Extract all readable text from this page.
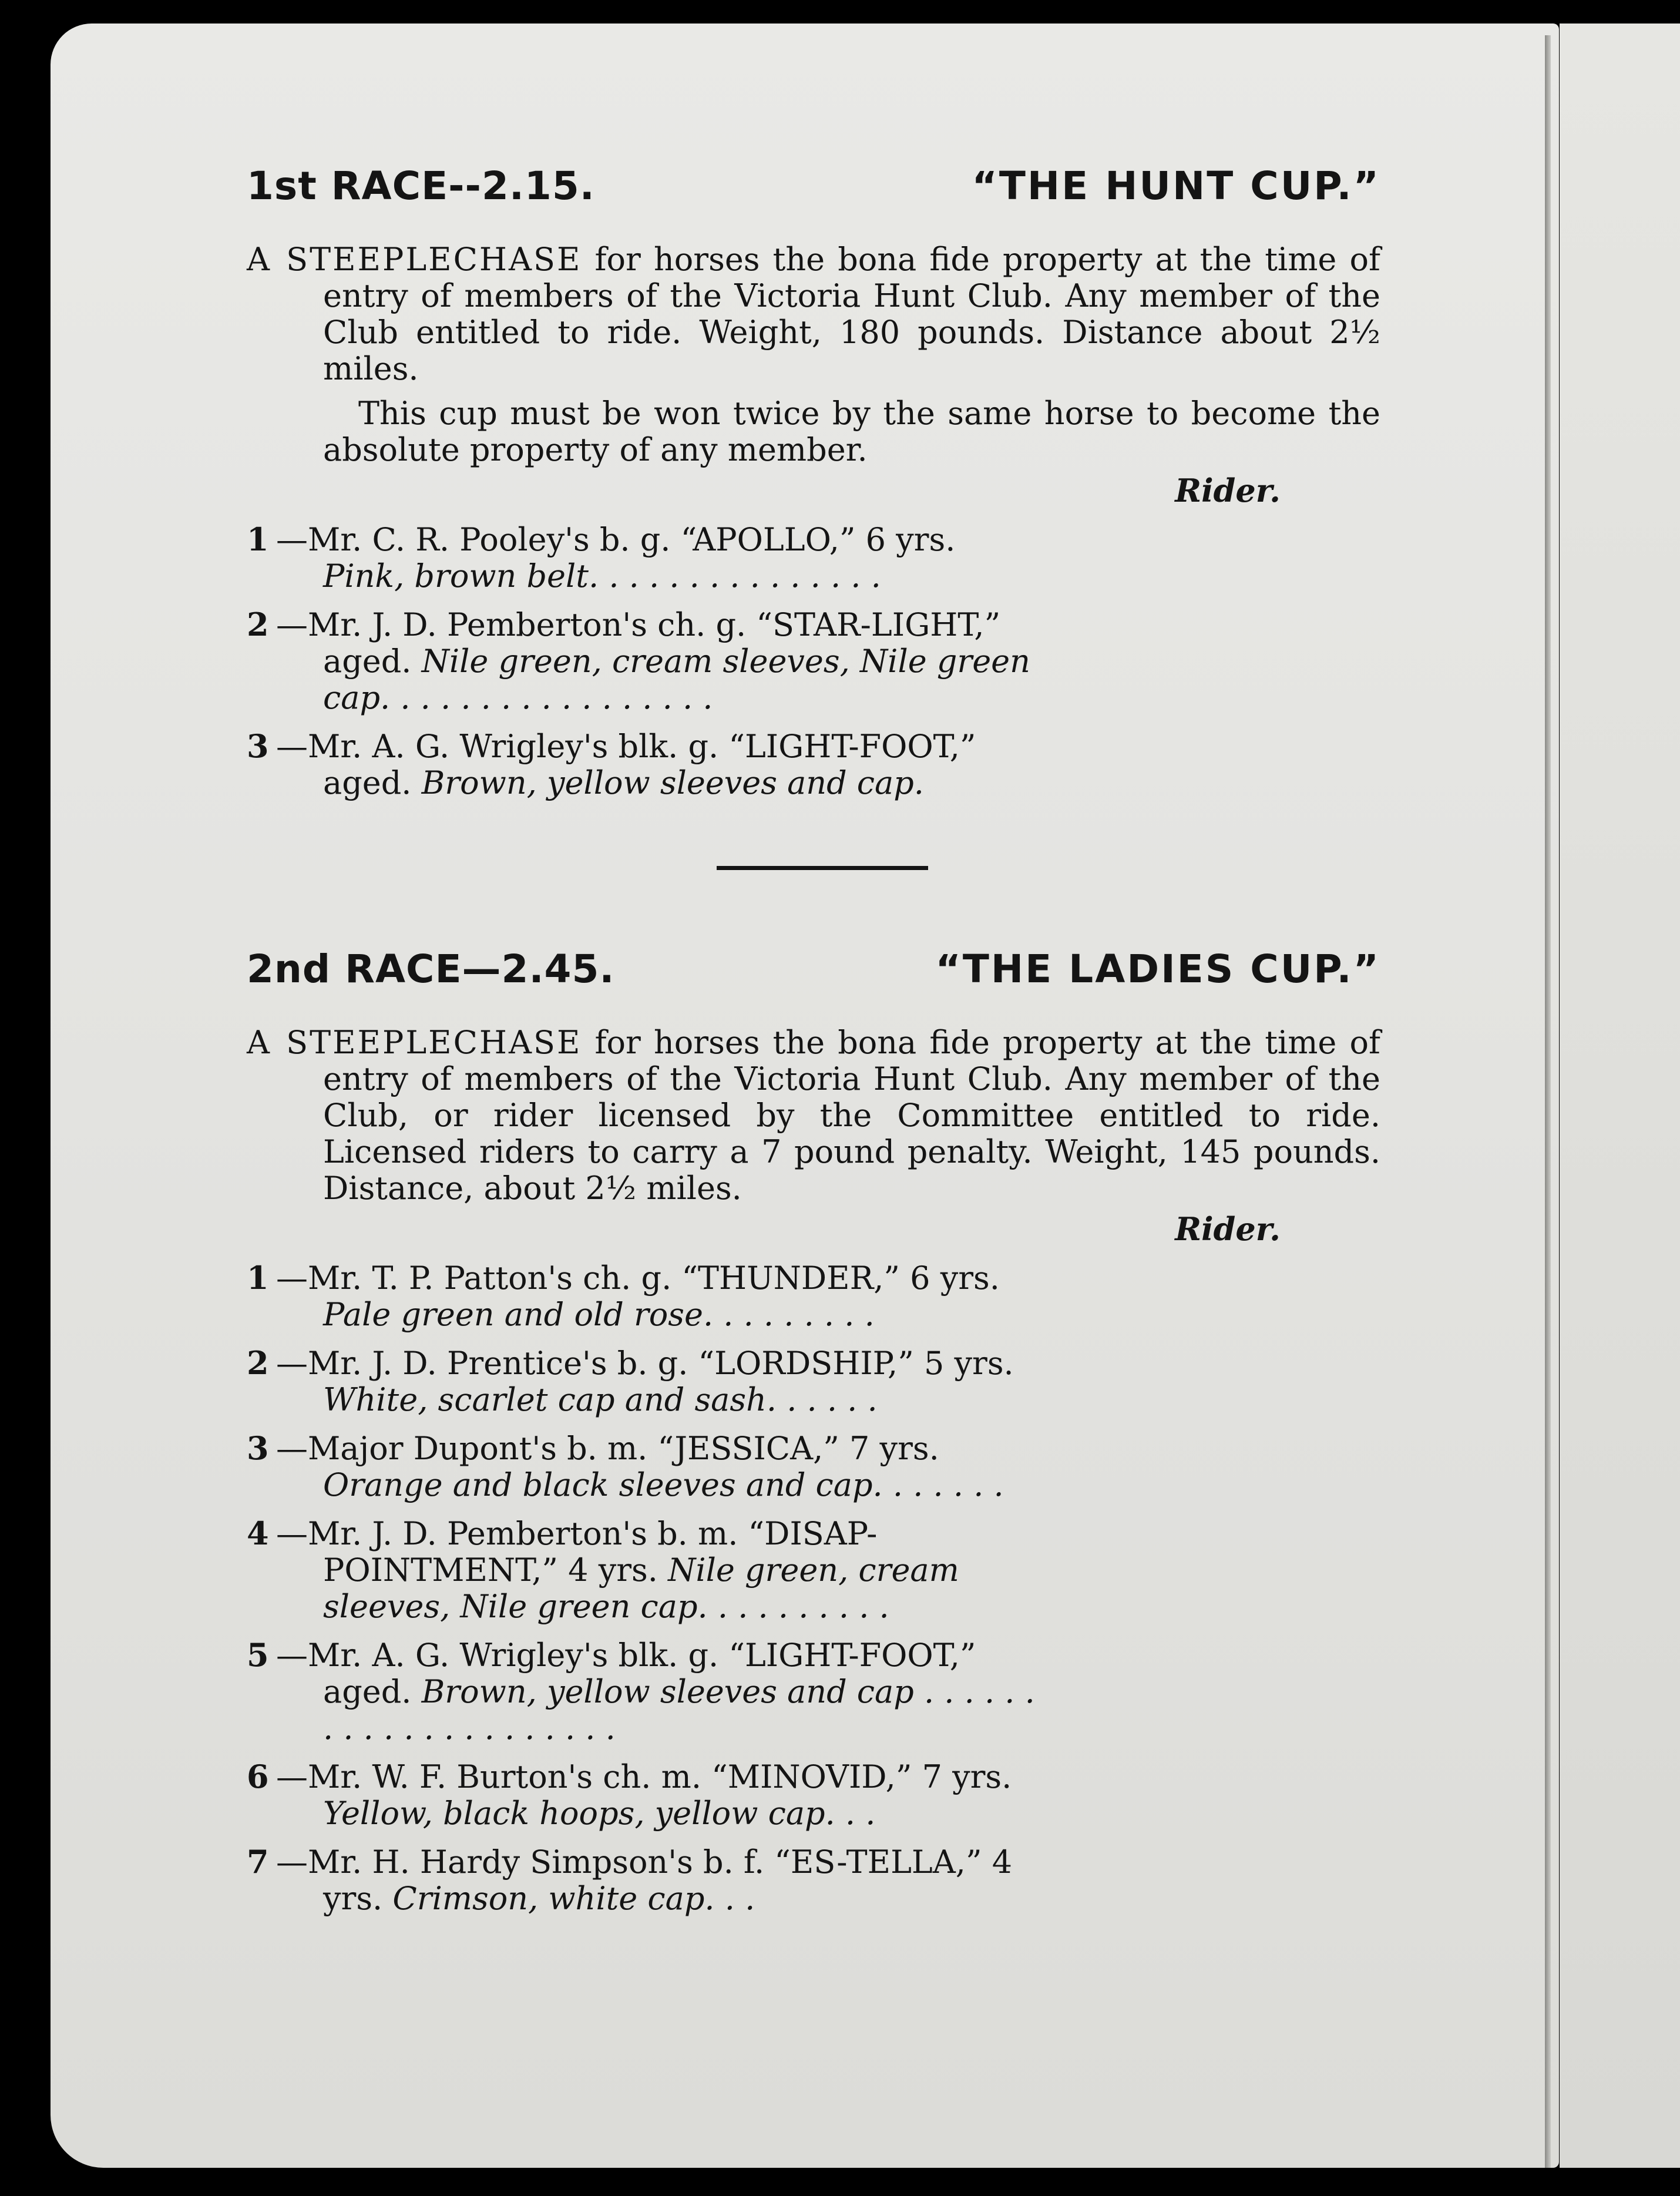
1st RACE--2.15.	“THE HUNT CUP.”

A STEEPLECHASE for horses the bona fide property at the time of entry of members of the Victoria Hunt Club. Any member of the Club entitled to ride. Weight, 180 pounds. Distance about 2½ miles.

This cup must be won twice by the same horse to become the absolute property of any member.

Rider.
1 —Mr. C. R. Pooley's b. g. “APOLLO,” 6 yrs. Pink, brown belt. . . . . . . . . . . . . . .
2 —Mr. J. D. Pemberton's ch. g. “STAR-LIGHT,” aged. Nile green, cream sleeves, Nile green cap. . . . . . . . . . . . . . . . .
3 —Mr. A. G. Wrigley's blk. g. “LIGHT-FOOT,” aged. Brown, yellow sleeves and cap.
2nd RACE—2.45.	“THE LADIES CUP.”

A STEEPLECHASE for horses the bona fide property at the time of entry of members of the Victoria Hunt Club. Any member of the Club, or rider licensed by the Committee entitled to ride. Licensed riders to carry a 7 pound penalty. Weight, 145 pounds. Distance, about 2½ miles.

Rider.
1 —Mr. T. P. Patton's ch. g. “THUNDER,” 6 yrs. Pale green and old rose. . . . . . . . .
2 —Mr. J. D. Prentice's b. g. “LORDSHIP,” 5 yrs. White, scarlet cap and sash. . . . . .
3 —Major Dupont's b. m. “JESSICA,” 7 yrs. Orange and black sleeves and cap. . . . . . .
4 —Mr. J. D. Pemberton's b. m. “DISAP-POINTMENT,” 4 yrs. Nile green, cream sleeves, Nile green cap. . . . . . . . . .
5 —Mr. A. G. Wrigley's blk. g. “LIGHT-FOOT,” aged. Brown, yellow sleeves and cap . . . . . . . . . . . . . . . . . . . . .
6 —Mr. W. F. Burton's ch. m. “MINOVID,” 7 yrs. Yellow, black hoops, yellow cap. . .
7 —Mr. H. Hardy Simpson's b. f. “ES-TELLA,” 4 yrs. Crimson, white cap. . .
